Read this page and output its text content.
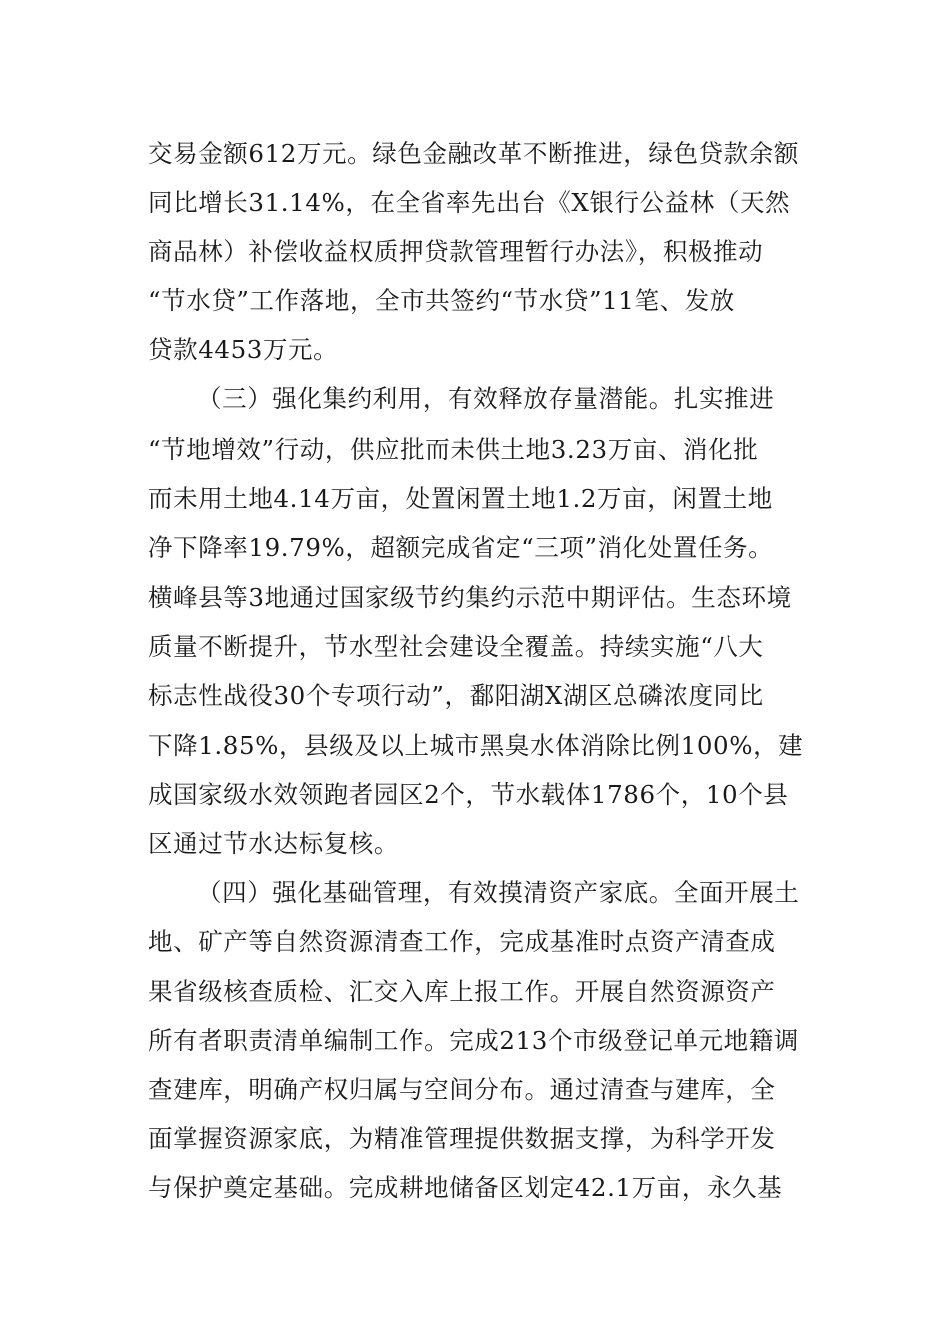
交易金额612万元。绿色金融改革不断推进，绿色贷款余额
同比增长31.14%，在全省率先出台《X银行公益林（天然
商品林）补偿收益权质押贷款管理暂行办法》，积极推动
“节水贷”工作落地，全市共签约“节水贷”11笔、发放
贷款4453万元。
（三）强化集约利用，有效释放存量潜能。扎实推进
“节地增效”行动，供应批而未供土地3.23万亩、消化批
而未用土地4.14万亩，处置闲置土地1.2万亩，闲置土地
净下降率19.79%，超额完成省定“三项”消化处置任务。
横峰县等3地通过国家级节约集约示范中期评估。生态环境
质量不断提升，节水型社会建设全覆盖。持续实施“八大
标志性战役30个专项行动”，鄱阳湖X湖区总磷浓度同比
下降1.85%，县级及以上城市黑臭水体消除比例100%，建
成国家级水效领跑者园区2个，节水载体1786个，10个县
区通过节水达标复核。
（四）强化基础管理，有效摸清资产家底。全面开展土
地、矿产等自然资源清查工作，完成基准时点资产清查成
果省级核查质检、汇交入库上报工作。开展自然资源资产
所有者职责清单编制工作。完成213个市级登记单元地籍调
查建库，明确产权归属与空间分布。通过清查与建库，全
面掌握资源家底，为精准管理提供数据支撑，为科学开发
与保护奠定基础。完成耕地储备区划定42.1万亩，永久基
